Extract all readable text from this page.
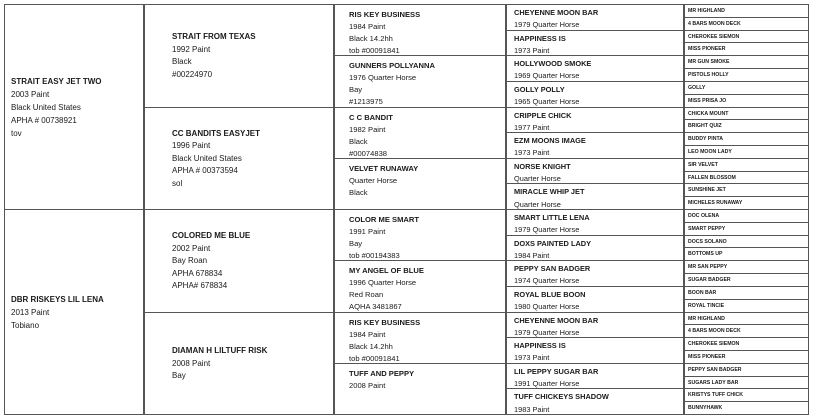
STRAIT EASY JET TWO
2003 Paint
Black United States
APHA # 00738921
tov
DBR RISKEYS LIL LENA
2013 Paint
Tobiano
STRAIT FROM TEXAS
1992 Paint
Black
#00224970
CC BANDITS EASYJET
1996 Paint
Black United States
APHA # 00373594
sol
COLORED ME BLUE
2002 Paint
Bay Roan
APHA 678834
APHA# 678834
DIAMAN H LILTUFF RISK
2008 Paint
Bay
RIS KEY BUSINESS
1984 Paint
Black 14.2hh
tob #00091841
GUNNERS POLLYANNA
1976 Quarter Horse
Bay
#1213975
C C BANDIT
1982 Paint
Black
#00074838
VELVET RUNAWAY
Quarter Horse
Black
COLOR ME SMART
1991 Paint
Bay
tob #00194383
MY ANGEL OF BLUE
1996 Quarter Horse
Red Roan
AQHA 3481867
RIS KEY BUSINESS
1984 Paint
Black 14.2hh
tob #00091841
TUFF AND PEPPY
2008 Paint
CHEYENNE MOON BAR
1979 Quarter Horse
HAPPINESS IS
1973 Paint
HOLLYWOOD SMOKE
1969 Quarter Horse
GOLLY POLLY
1965 Quarter Horse
CRIPPLE CHICK
1977 Paint
EZM MOONS IMAGE
1973 Paint
NORSE KNIGHT
Quarter Horse
MIRACLE WHIP JET
Quarter Horse
SMART LITTLE LENA
1979 Quarter Horse
DOXS PAINTED LADY
1984 Paint
PEPPY SAN BADGER
1974 Quarter Horse
ROYAL BLUE BOON
1980 Quarter Horse
CHEYENNE MOON BAR
1979 Quarter Horse
HAPPINESS IS
1973 Paint
LIL PEPPY SUGAR BAR
1991 Quarter Horse
TUFF CHICKEYS SHADOW
1983 Paint
MR HIGHLAND
4 BARS MOON DECK
CHEROKEE SIEMON
MISS PIONEER
MR GUN SMOKE
PISTOLS HOLLY
GOLLY
MISS PRISA JO
CHICKA MOUNT
BRIGHT QUIZ
BUDDY PINTA
LEO MOON LADY
SIR VELVET
FALLEN BLOSSOM
SUNSHINE JET
MICHELES RUNAWAY
DOC OLENA
SMART PEPPY
DOCS SOLANO
BOTTOMS UP
MR SAN PEPPY
SUGAR BADGER
BOON BAR
ROYAL TINCIE
MR HIGHLAND
4 BARS MOON DECK
CHEROKEE SIEMON
MISS PIONEER
PEPPY SAN BADGER
SUGARS LADY BAR
KRISTYS TUFF CHICK
BUNNYHAWK
